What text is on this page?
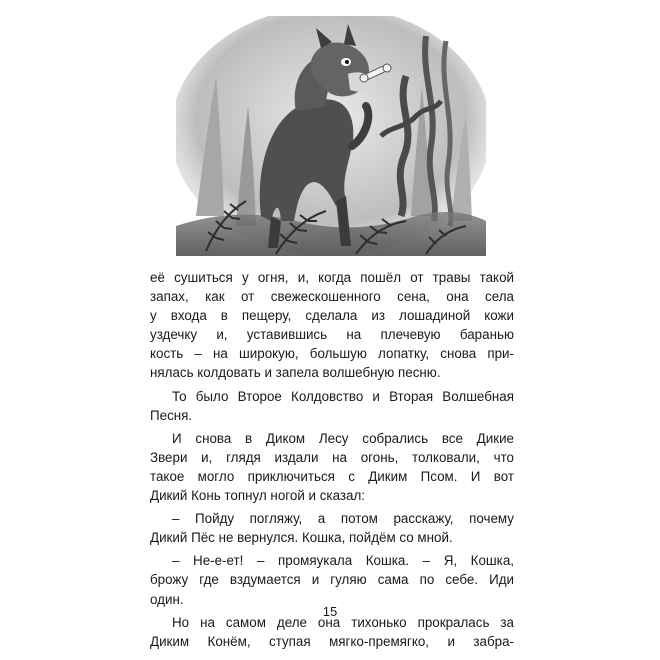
её сушиться у огня, и, когда пошёл от травы такой
запах, как от свежескошенного сена, она села
у входа в пещеру, сделала из лошадиной кожи
уздечку и, уставившись на плечевую баранью
кость – на широкую, большую лопатку, снова при-
нялась колдовать и запела волшебную песню.

То было Второе Колдовство и Вторая Волшебная
Песня.

И снова в Диком Лесу собрались все Дикие
Звери и, глядя издали на огонь, толковали, что
такое могло приключиться с Диким Псом. И вот
Дикий Конь топнул ногой и сказал:

– Пойду погляжу, а потом расскажу, почему
Дикий Пёс не вернулся. Кошка, пойдём со мной.

– Не-е-ет! – промяукала Кошка. – Я, Кошка,
брожу где вздумается и гуляю сама по себе. Иди
один.

Но на самом деле она тихонько прокралась за
Диким Конём, ступая мягко-премягко, и забра-

15
